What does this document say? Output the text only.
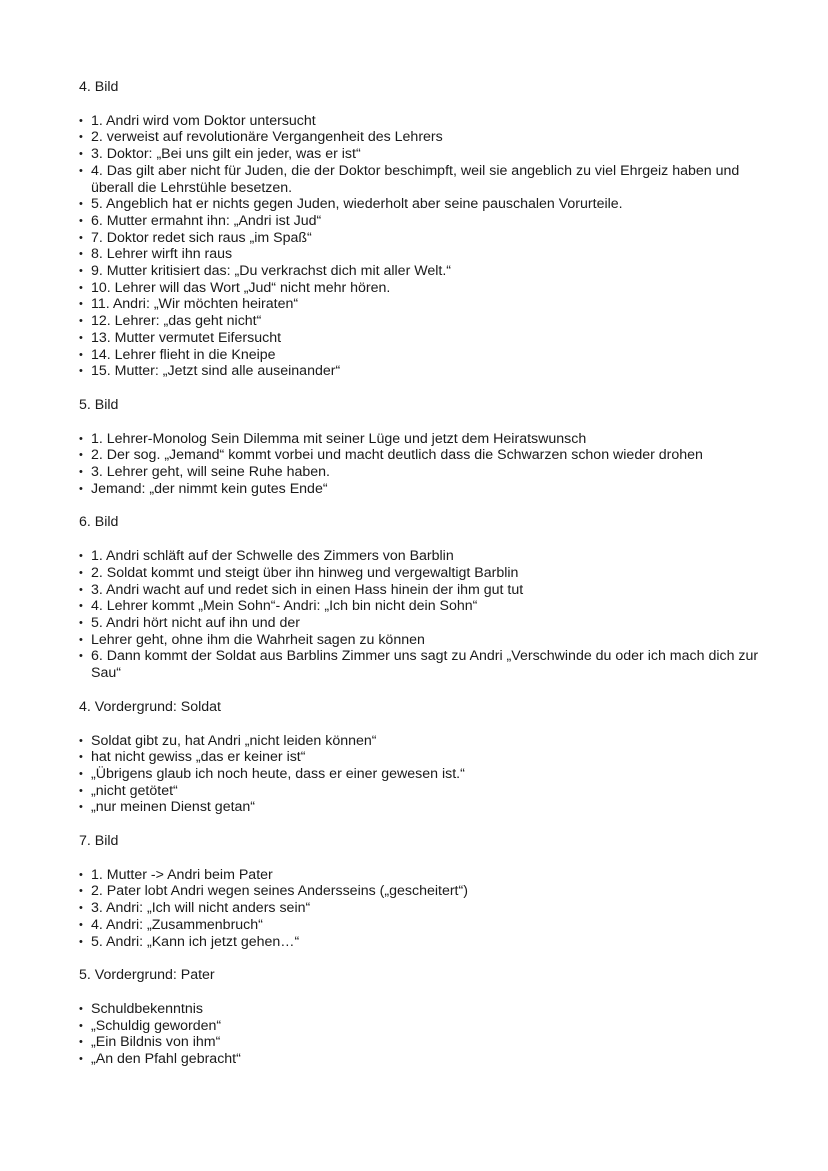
4. Bild

• 1. Andri wird vom Doktor untersucht
• 2. verweist auf revolutionäre Vergangenheit des Lehrers
• 3. Doktor: „Bei uns gilt ein jeder, was er ist“
• 4. Das gilt aber nicht für Juden, die der Doktor beschimpft, weil sie angeblich zu viel Ehrgeiz haben und überall die Lehrstühle besetzen.
• 5. Angeblich hat er nichts gegen Juden, wiederholt aber seine pauschalen Vorurteile.
• 6. Mutter ermahnt ihn: „Andri ist Jud“
• 7. Doktor redet sich raus „im Spaß“
• 8. Lehrer wirft ihn raus
• 9. Mutter kritisiert das: „Du verkrachst dich mit aller Welt.“
• 10. Lehrer will das Wort „Jud“ nicht mehr hören.
• 11. Andri: „Wir möchten heiraten“
• 12. Lehrer: „das geht nicht“
• 13. Mutter vermutet Eifersucht
• 14. Lehrer flieht in die Kneipe
• 15. Mutter: „Jetzt sind alle auseinander“

5. Bild

• 1. Lehrer-Monolog Sein Dilemma mit seiner Lüge und jetzt dem Heiratswunsch
• 2. Der sog. „Jemand“ kommt vorbei und macht deutlich dass die Schwarzen schon wieder drohen
• 3. Lehrer geht, will seine Ruhe haben.
• Jemand: „der nimmt kein gutes Ende“

6. Bild

• 1. Andri schläft auf der Schwelle des Zimmers von Barblin
• 2. Soldat kommt und steigt über ihn hinweg und vergewaltigt Barblin
• 3. Andri wacht auf und redet sich in einen Hass hinein der ihm gut tut
• 4. Lehrer kommt „Mein Sohn“- Andri: „Ich bin nicht dein Sohn“
• 5. Andri hört nicht auf ihn und der
• Lehrer geht, ohne ihm die Wahrheit sagen zu können
• 6. Dann kommt der Soldat aus Barblins Zimmer uns sagt zu Andri „Verschwinde du oder ich mach dich zur Sau“

4. Vordergrund: Soldat

• Soldat gibt zu, hat Andri „nicht leiden können“
• hat nicht gewiss „das er keiner ist“
• „Übrigens glaub ich noch heute, dass er einer gewesen ist.“
• „nicht getötet“
• „nur meinen Dienst getan“

7. Bild

• 1. Mutter -> Andri beim Pater
• 2. Pater lobt Andri wegen seines Andersseins („gescheitert“)
• 3. Andri: „Ich will nicht anders sein“
• 4. Andri: „Zusammenbruch“
• 5. Andri: „Kann ich jetzt gehen…“

5. Vordergrund: Pater

• Schuldbekenntnis
• „Schuldig geworden“
• „Ein Bildnis von ihm“
• „An den Pfahl gebracht“
